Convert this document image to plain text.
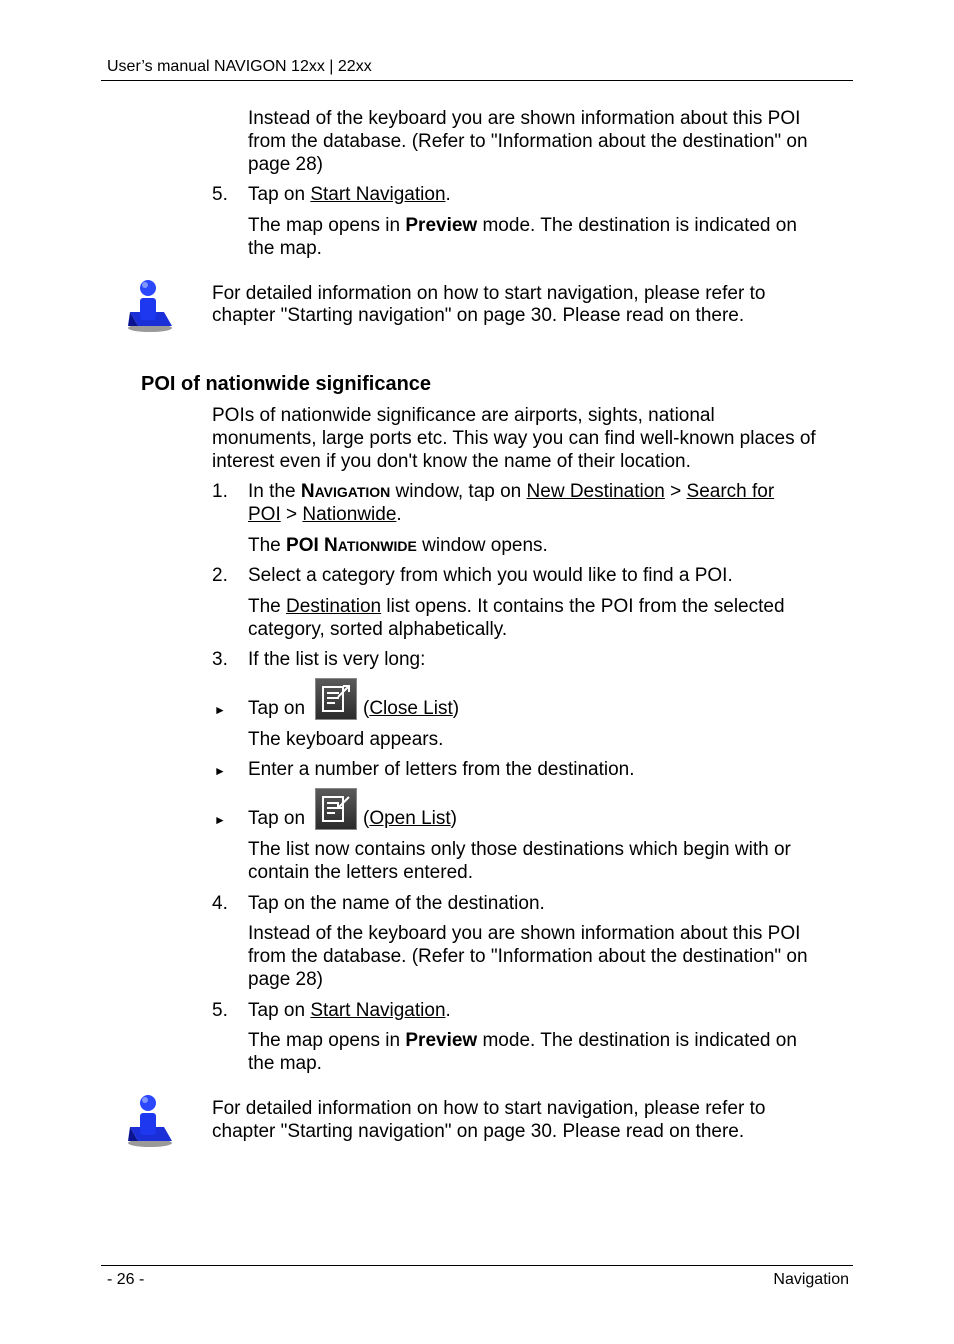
User’s manual NAVIGON 12xx | 22xx
Instead of the keyboard you are shown information about this POI
from the database. (Refer to "Information about the destination" on
page 28)
5. Tap on Start Navigation.
The map opens in Preview mode. The destination is indicated on
the map.
For detailed information on how to start navigation, please refer to
chapter "Starting navigation" on page 30. Please read on there.
POI of nationwide significance
POIs of nationwide significance are airports, sights, national
monuments, large ports etc. This way you can find well-known places of
interest even if you don't know the name of their location.
1. In the NAVIGATION window, tap on New Destination > Search for
POI > Nationwide.
The POI NATIONWIDE window opens.
2. Select a category from which you would like to find a POI.
The Destination list opens. It contains the POI from the selected
category, sorted alphabetically.
3. If the list is very long:
► Tap on	(Close List)
The keyboard appears.
► Enter a number of letters from the destination.
► Tap on	(Open List)
The list now contains only those destinations which begin with or
contain the letters entered.
4. Tap on the name of the destination.
Instead of the keyboard you are shown information about this POI
from the database. (Refer to "Information about the destination" on
page 28)
5. Tap on Start Navigation.
The map opens in Preview mode. The destination is indicated on
the map.
For detailed information on how to start navigation, please refer to
chapter "Starting navigation" on page 30. Please read on there.
- 26 -	Navigation
